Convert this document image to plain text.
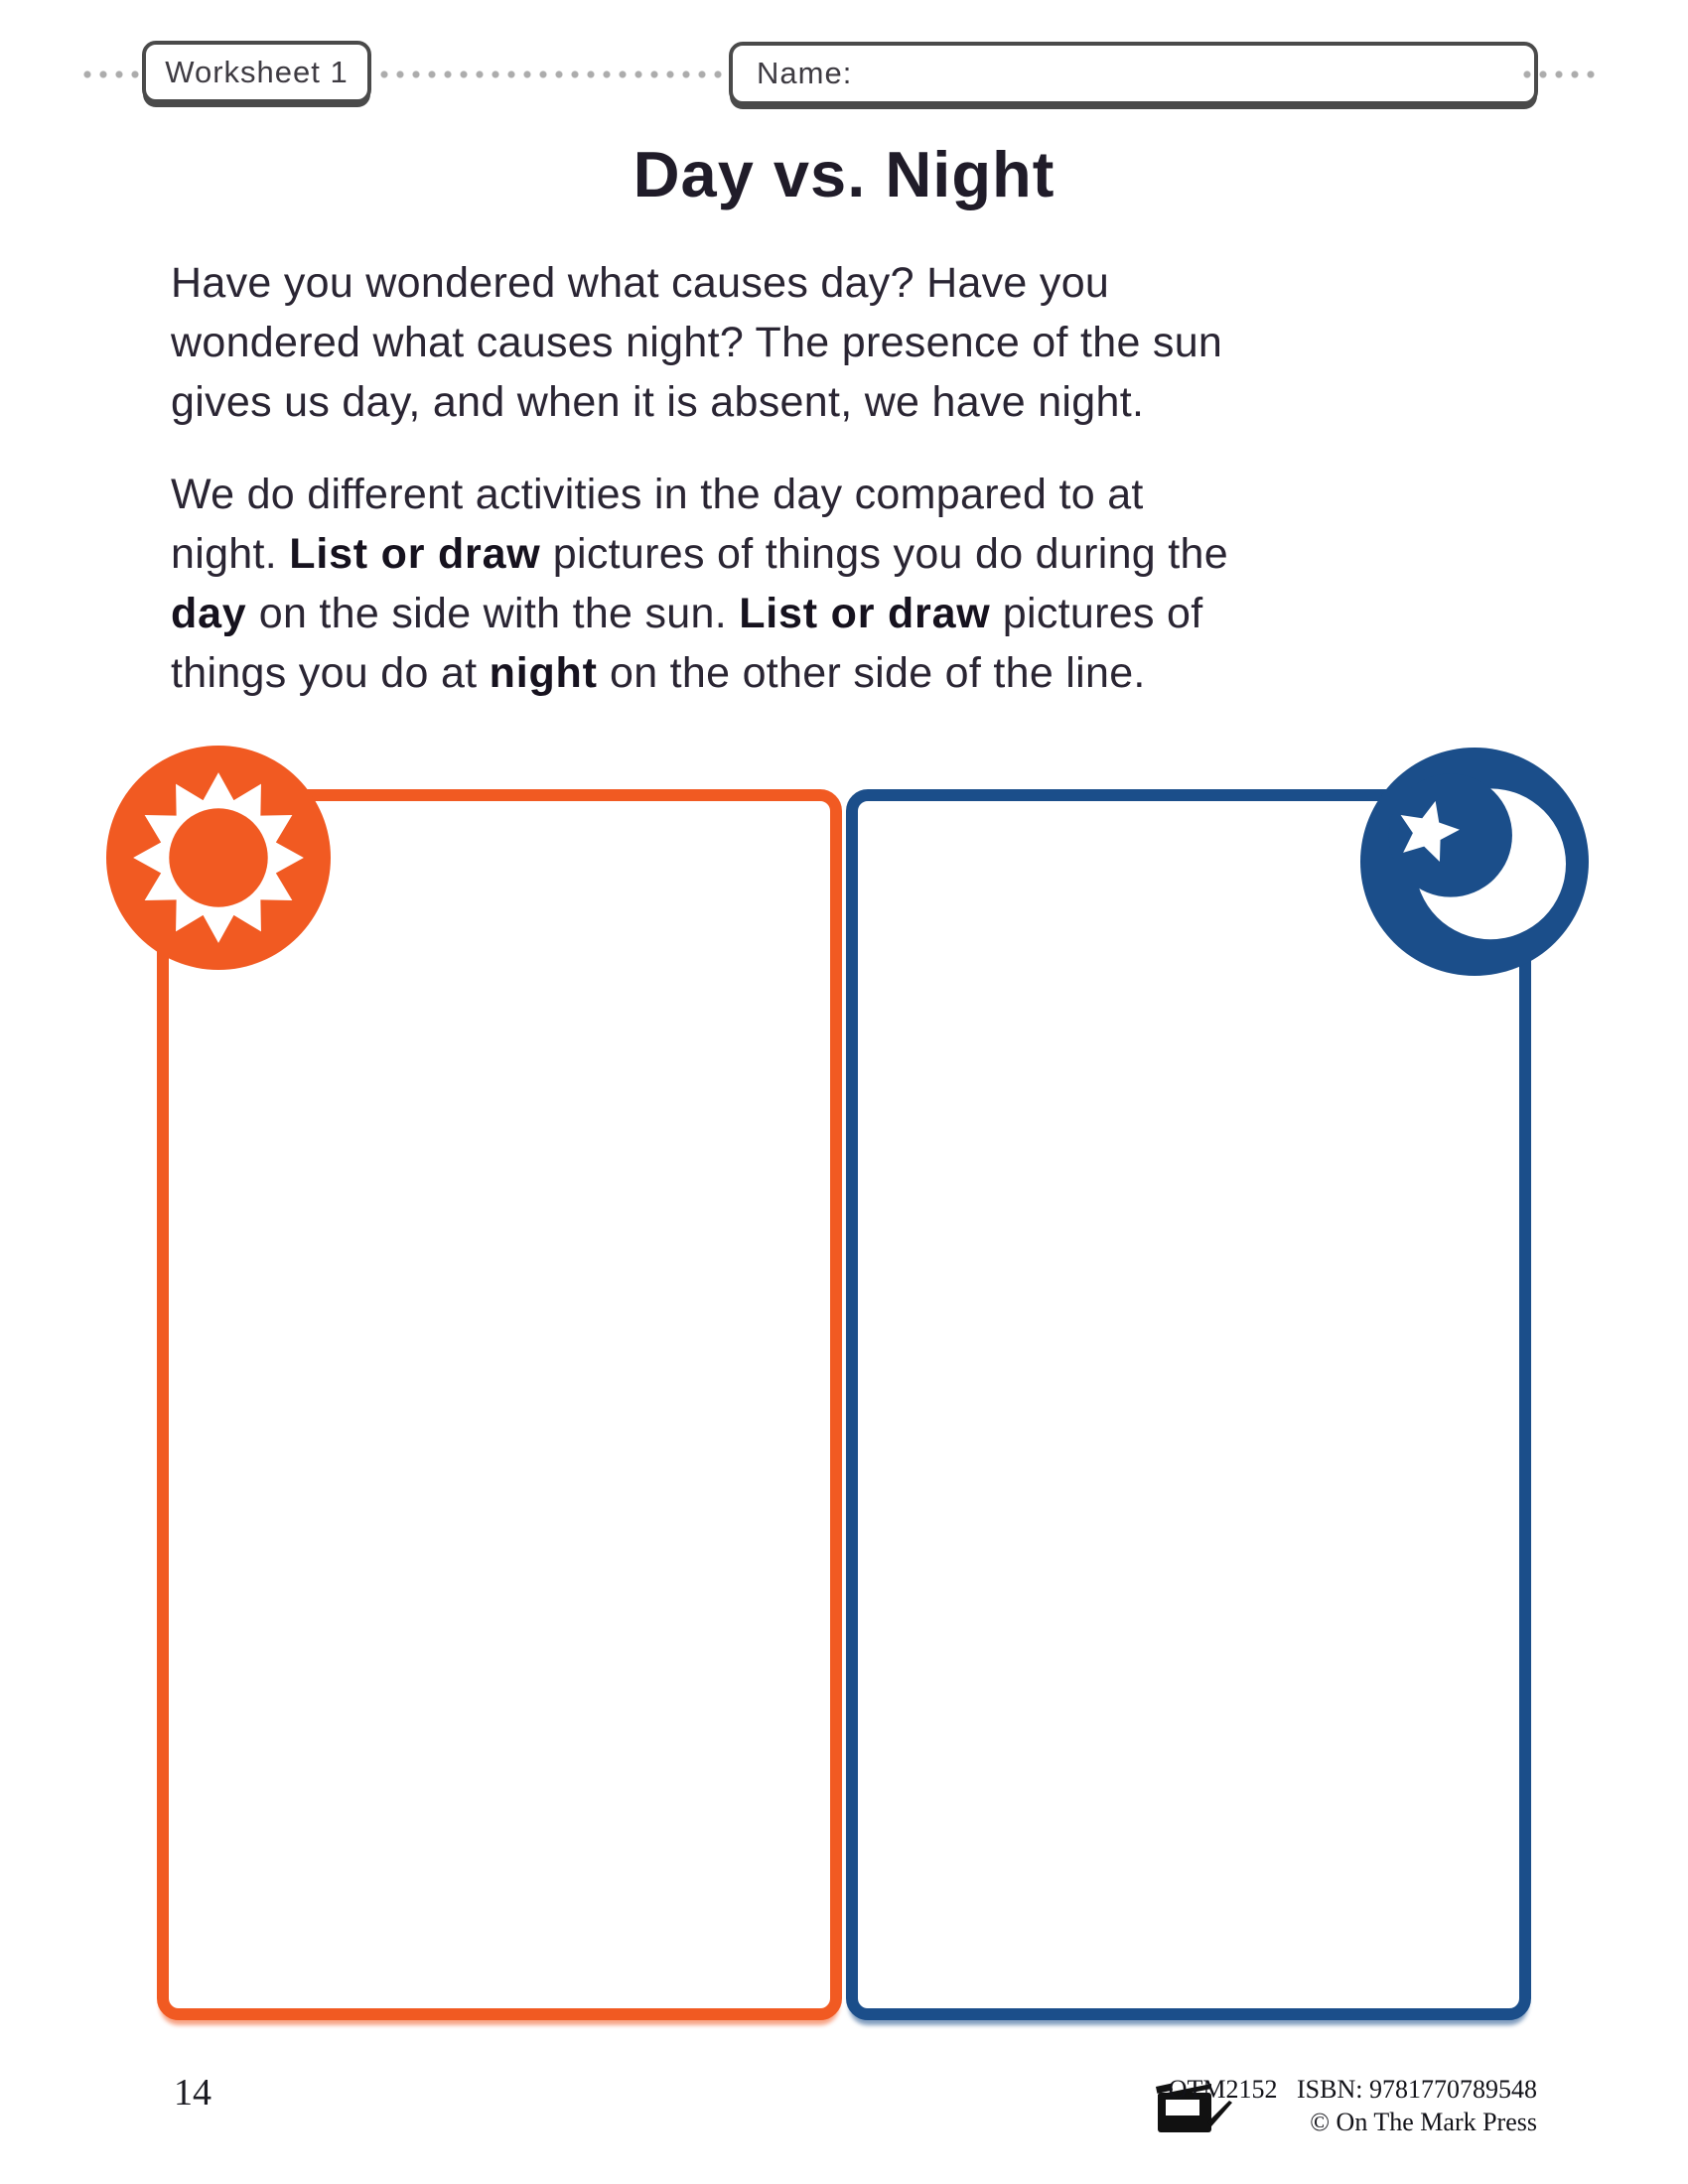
Worksheet 1	Name:
Day vs. Night
Have you wondered what causes day? Have you
wondered what causes night? The presence of the sun
gives us day, and when it is absent, we have night.
We do different activities in the day compared to at
night. List or draw pictures of things you do during the
day on the side with the sun. List or draw pictures of
things you do at night on the other side of the line.
14	OTM2152   ISBN: 9781770789548
© On The Mark Press
